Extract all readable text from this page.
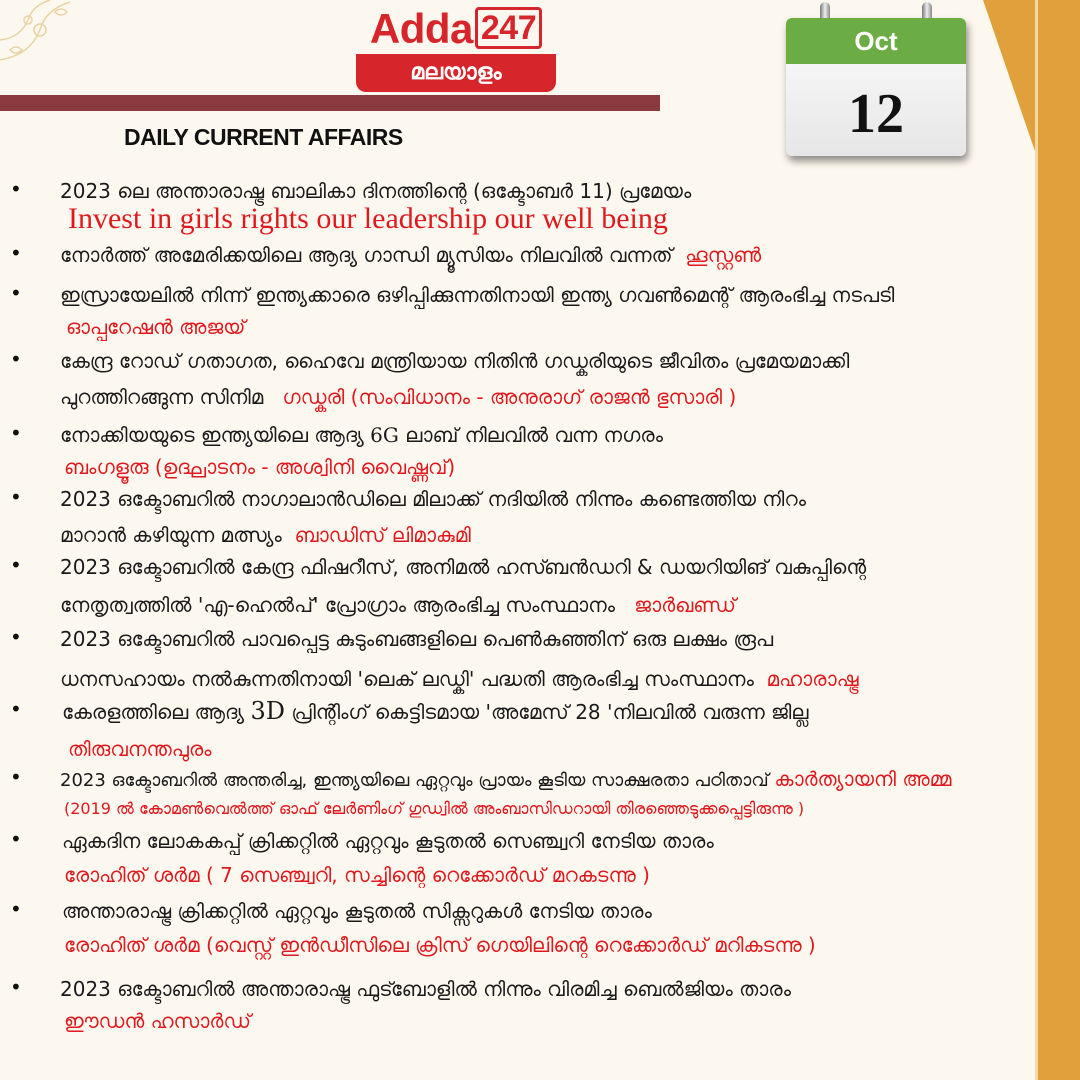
Adda 247
മലയാളം
DAILY CURRENT AFFAIRS
Oct
12
• 2023 ലെ അന്താരാഷ്ട്ര ബാലികാ ദിനത്തിന്റെ (ഒക്ടോബർ 11) പ്രമേയം
Invest in girls rights our leadership our well being
• നോർത്ത് അമേരിക്കയിലെ ആദ്യ ഗാന്ധി മ്യൂസിയം നിലവിൽ വന്നത് ഹൂസ്റ്റൺ
• ഇസ്രായേലിൽ നിന്ന് ഇന്ത്യക്കാരെ ഒഴിപ്പിക്കുന്നതിനായി ഇന്ത്യ ഗവൺമെന്റ് ആരംഭിച്ച നടപടി
ഓപ്പറേഷൻ അജയ്
• കേന്ദ്ര റോഡ് ഗതാഗത, ഹൈവേ മന്ത്രിയായ നിതിൻ ഗഡ്കരിയുടെ ജീവിതം പ്രമേയമാക്കി
പുറത്തിറങ്ങുന്ന സിനിമ ഗഡ്കരി (സംവിധാനം - അനുരാഗ് രാജൻ ഭുസാരി )
• നോക്കിയയുടെ ഇന്ത്യയിലെ ആദ്യ 6G ലാബ് നിലവിൽ വന്ന നഗരം
ബംഗളൂരു (ഉദ്ഘാടനം - അശ്വിനി വൈഷ്ണവ്)
• 2023 ഒക്ടോബറിൽ നാഗാലാൻഡിലെ മിലാക്ക് നദിയിൽ നിന്നും കണ്ടെത്തിയ നിറം
മാറാൻ കഴിയുന്ന മത്സ്യം ബാഡിസ് ലിമാകുമി
• 2023 ഒക്ടോബറിൽ കേന്ദ്ര ഫിഷറീസ്, അനിമൽ ഹസ്ബൻഡറി & ഡയറിയിങ് വകുപ്പിന്റെ
നേതൃത്വത്തിൽ 'എ-ഹെൽപ്' പ്രോഗ്രാം ആരംഭിച്ച സംസ്ഥാനം ജാർഖണ്ഡ്
• 2023 ഒക്ടോബറിൽ പാവപ്പെട്ട കുടുംബങ്ങളിലെ പെൺകുഞ്ഞിന് ഒരു ലക്ഷം രൂപ
ധനസഹായം നൽകുന്നതിനായി 'ലെക് ലഡ്കി' പദ്ധതി ആരംഭിച്ച സംസ്ഥാനം മഹാരാഷ്ട്ര
• കേരളത്തിലെ ആദ്യ 3D പ്രിന്റിംഗ് കെട്ടിടമായ 'അമേസ് 28 'നിലവിൽ വരുന്ന ജില്ല
തിരുവനന്തപുരം
• 2023 ഒക്ടോബറിൽ അന്തരിച്ച, ഇന്ത്യയിലെ ഏറ്റവും പ്രായം കൂടിയ സാക്ഷരതാ പഠിതാവ് കാർത്യായനി അമ്മ
(2019 ൽ കോമൺവെൽത്ത് ഓഫ് ലേർണിംഗ് ഗുഡ്വിൽ അംബാസിഡറായി തിരഞ്ഞെടുക്കപ്പെട്ടിരുന്നു )
• ഏകദിന ലോകകപ്പ് ക്രിക്കറ്റിൽ ഏറ്റവും കൂടുതൽ സെഞ്ച്വറി നേടിയ താരം
രോഹിത് ശർമ ( 7 സെഞ്ച്വറി, സച്ചിന്റെ റെക്കോർഡ് മറകടന്നു )
• അന്താരാഷ്ട്ര ക്രിക്കറ്റിൽ ഏറ്റവും കൂടുതൽ സിക്സറുകൾ നേടിയ താരം
രോഹിത് ശർമ (വെസ്റ്റ് ഇൻഡീസിലെ ക്രിസ് ഗെയിലിന്റെ റെക്കോർഡ് മറികടന്നു )
• 2023 ഒക്ടോബറിൽ അന്താരാഷ്ട്ര ഫുട്ബോളിൽ നിന്നും വിരമിച്ച ബെൽജിയം താരം
ഈഡൻ ഹസാർഡ്
